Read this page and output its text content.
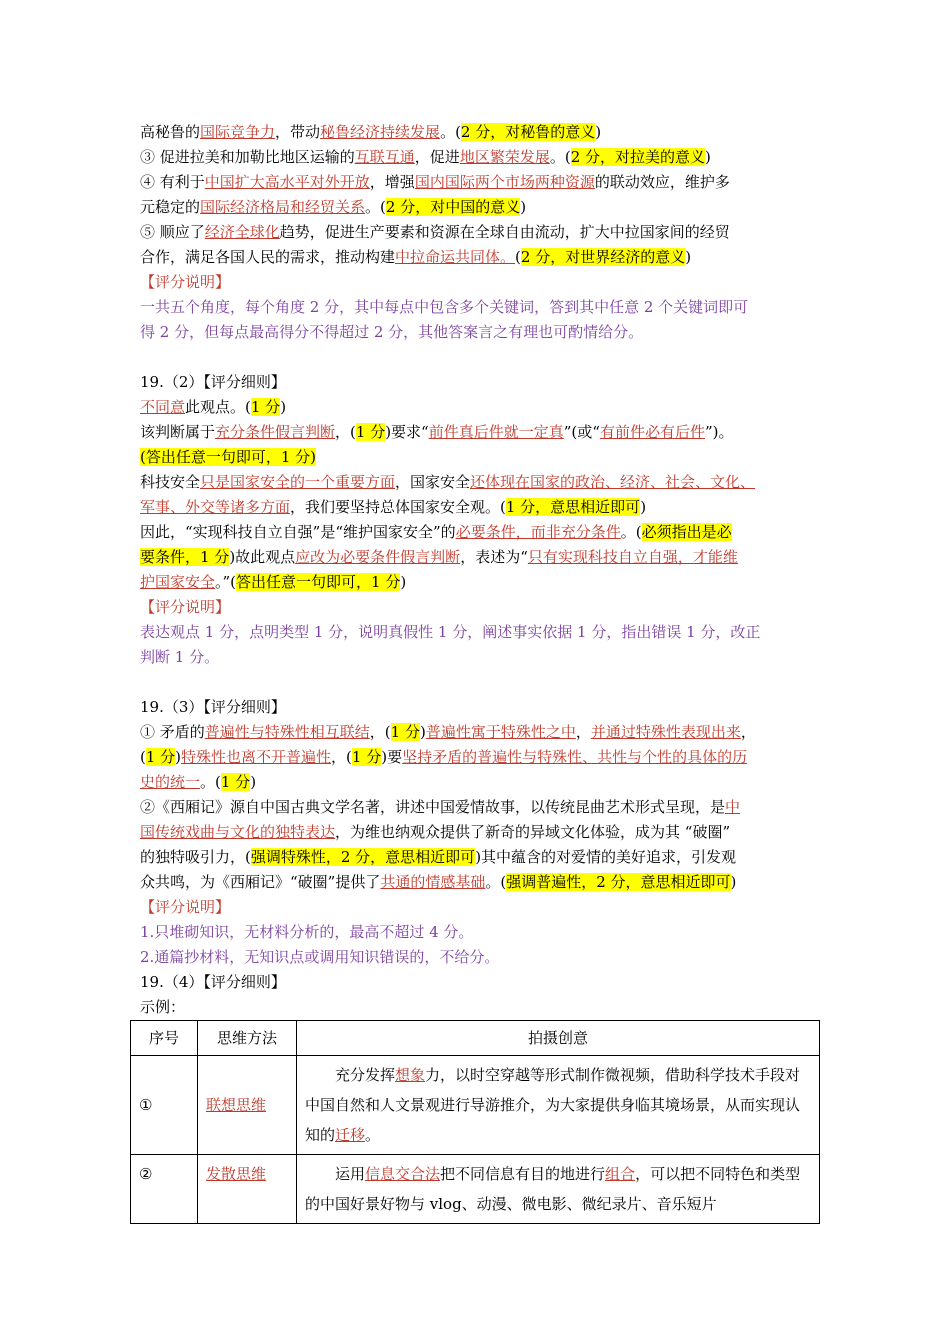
高秘鲁的国际竞争力，带动秘鲁经济持续发展。(2 分，对秘鲁的意义)
③ 促进拉美和加勒比地区运输的互联互通，促进地区繁荣发展。(2 分，对拉美的意义)
④ 有利于中国扩大高水平对外开放，增强国内国际两个市场两种资源的联动效应，维护多
元稳定的国际经济格局和经贸关系。(2 分，对中国的意义)
⑤ 顺应了经济全球化趋势，促进生产要素和资源在全球自由流动，扩大中拉国家间的经贸
合作，满足各国人民的需求，推动构建中拉命运共同体。(2 分，对世界经济的意义)
【评分说明】
一共五个角度，每个角度 2 分，其中每点中包含多个关键词，答到其中任意 2 个关键词即可
得 2 分，但每点最高得分不得超过 2 分，其他答案言之有理也可酌情给分。
19.（2）【评分细则】
不同意此观点。(1 分)
该判断属于充分条件假言判断，(1 分)要求“前件真后件就一定真”(或“有前件必有后件”)。
(答出任意一句即可，1 分)
科技安全只是国家安全的一个重要方面，国家安全还体现在国家的政治、经济、社会、文化、
军事、外交等诸多方面，我们要坚持总体国家安全观。(1 分，意思相近即可)
因此，“实现科技自立自强”是“维护国家安全”的必要条件，而非充分条件。(必须指出是必
要条件，1 分)故此观点应改为必要条件假言判断，表述为“只有实现科技自立自强，才能维
护国家安全。”(答出任意一句即可，1 分)
【评分说明】
表达观点 1 分，点明类型 1 分，说明真假性 1 分，阐述事实依据 1 分，指出错误 1 分，改正
判断 1 分。
19.（3）【评分细则】
① 矛盾的普遍性与特殊性相互联结，(1 分)普遍性寓于特殊性之中，并通过特殊性表现出来，
(1 分)特殊性也离不开普遍性，(1 分)要坚持矛盾的普遍性与特殊性、共性与个性的具体的历
史的统一。(1 分)
②《西厢记》源自中国古典文学名著，讲述中国爱情故事，以传统昆曲艺术形式呈现，是中
国传统戏曲与文化的独特表达，为维也纳观众提供了新奇的异域文化体验，成为其 “破圈”
的独特吸引力，(强调特殊性，2 分，意思相近即可)其中蕴含的对爱情的美好追求，引发观
众共鸣，为《西厢记》“破圈”提供了共通的情感基础。(强调普遍性，2 分，意思相近即可)
【评分说明】
1.只堆砌知识，无材料分析的，最高不超过 4 分。
2.通篇抄材料，无知识点或调用知识错误的，不给分。
19.（4）【评分细则】
示例：
序号	思维方法	拍摄创意
①	联想思维	充分发挥想象力，以时空穿越等形式制作微视频，借助科学技术手段对中国自然和人文景观进行导游推介，为大家提供身临其境场景，从而实现认知的迁移。
②	发散思维	运用信息交合法把不同信息有目的地进行组合，可以把不同特色和类型的中国好景好物与 vlog、动漫、微电影、微纪录片、音乐短片
